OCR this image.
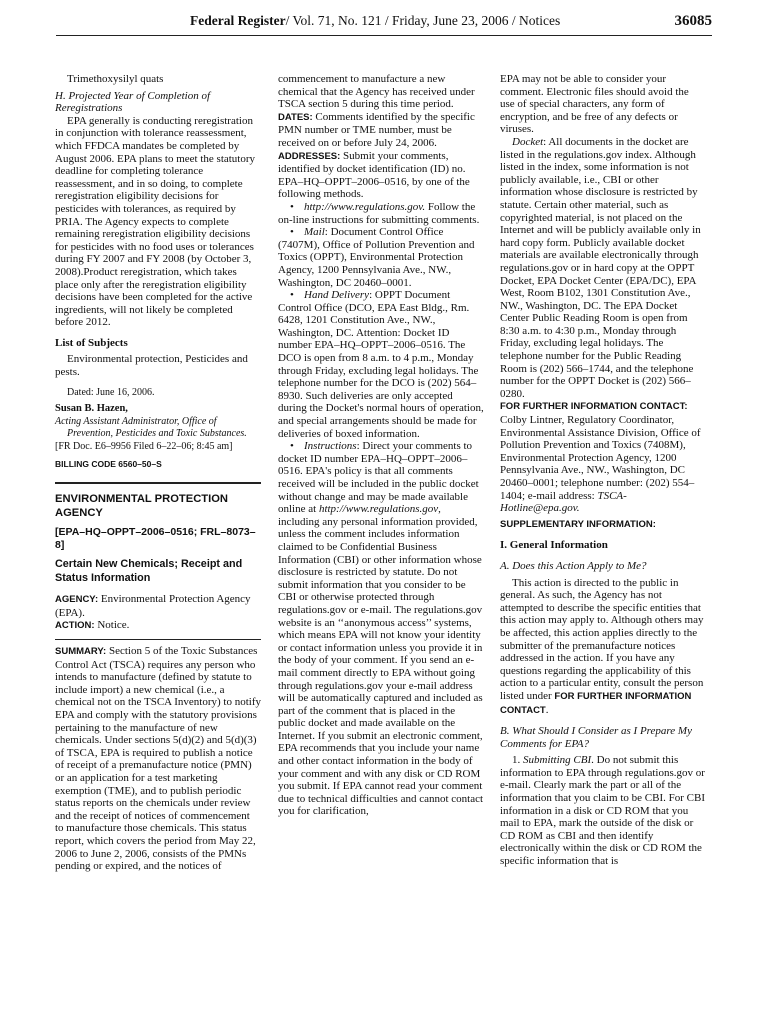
Federal Register/ Vol. 71, No. 121 / Friday, June 23, 2006 / Notices	36085

Trimethoxysilyl quats

H. Projected Year of Completion of Reregistrations

EPA generally is conducting reregistration in conjunction with tolerance reassessment, which FFDCA mandates be completed by August 2006. EPA plans to meet the statutory deadline for completing tolerance reassessment, and in so doing, to complete reregistration eligibility decisions for pesticides with tolerances, as required by PRIA. The Agency expects to complete remaining reregistration eligibility decisions for pesticides with no food uses or tolerances during FY 2007 and FY 2008 (by October 3, 2008).Product reregistration, which takes place only after the reregistration eligibility decisions have been completed for the active ingredients, will not likely be completed before 2012.

List of Subjects

Environmental protection, Pesticides and pests.

Dated: June 16, 2006.

Susan B. Hazen,

Acting Assistant Administrator, Office of Prevention, Pesticides and Toxic Substances.

[FR Doc. E6–9956 Filed 6–22–06; 8:45 am]

BILLING CODE 6560–50–S

ENVIRONMENTAL PROTECTION AGENCY

[EPA–HQ–OPPT–2006–0516; FRL–8073–8]

Certain New Chemicals; Receipt and Status Information

AGENCY: Environmental Protection Agency (EPA).

ACTION: Notice.

SUMMARY: Section 5 of the Toxic Substances Control Act (TSCA) requires any person who intends to manufacture (defined by statute to include import) a new chemical (i.e., a chemical not on the TSCA Inventory) to notify EPA and comply with the statutory provisions pertaining to the manufacture of new chemicals. Under sections 5(d)(2) and 5(d)(3) of TSCA, EPA is required to publish a notice of receipt of a premanufacture notice (PMN) or an application for a test marketing exemption (TME), and to publish periodic status reports on the chemicals under review and the receipt of notices of commencement to manufacture those chemicals. This status report, which covers the period from May 22, 2006 to June 2, 2006, consists of the PMNs pending or expired, and the notices of

commencement to manufacture a new chemical that the Agency has received under TSCA section 5 during this time period.

DATES: Comments identified by the specific PMN number or TME number, must be received on or before July 24, 2006.

ADDRESSES: Submit your comments, identified by docket identification (ID) no. EPA–HQ–OPPT–2006–0516, by one of the following methods.

• http://www.regulations.gov. Follow the on-line instructions for submitting comments.

• Mail: Document Control Office (7407M), Office of Pollution Prevention and Toxics (OPPT), Environmental Protection Agency, 1200 Pennsylvania Ave., NW., Washington, DC 20460–0001.

• Hand Delivery: OPPT Document Control Office (DCO, EPA East Bldg., Rm. 6428, 1201 Constitution Ave., NW., Washington, DC. Attention: Docket ID number EPA–HQ–OPPT–2006–0516. The DCO is open from 8 a.m. to 4 p.m., Monday through Friday, excluding legal holidays. The telephone number for the DCO is (202) 564–8930. Such deliveries are only accepted during the Docket's normal hours of operation, and special arrangements should be made for deliveries of boxed information.

• Instructions: Direct your comments to docket ID number EPA–HQ–OPPT–2006–0516. EPA's policy is that all comments received will be included in the public docket without change and may be made available online at http://www.regulations.gov, including any personal information provided, unless the comment includes information claimed to be Confidential Business Information (CBI) or other information whose disclosure is restricted by statute. Do not submit information that you consider to be CBI or otherwise protected through regulations.gov or e-mail. The regulations.gov website is an ‘‘anonymous access’’ systems, which means EPA will not know your identity or contact information unless you provide it in the body of your comment. If you send an e-mail comment directly to EPA without going through regulations.gov your e-mail address will be automatically captured and included as part of the comment that is placed in the public docket and made available on the Internet. If you submit an electronic comment, EPA recommends that you include your name and other contact information in the body of your comment and with any disk or CD ROM you submit. If EPA cannot read your comment due to technical difficulties and cannot contact you for clarification,

EPA may not be able to consider your comment. Electronic files should avoid the use of special characters, any form of encryption, and be free of any defects or viruses.

Docket: All documents in the docket are listed in the regulations.gov index. Although listed in the index, some information is not publicly available, i.e., CBI or other information whose disclosure is restricted by statute. Certain other material, such as copyrighted material, is not placed on the Internet and will be publicly available only in hard copy form. Publicly available docket materials are available electronically through regulations.gov or in hard copy at the OPPT Docket, EPA Docket Center (EPA/DC), EPA West, Room B102, 1301 Constitution Ave., NW., Washington, DC. The EPA Docket Center Public Reading Room is open from 8:30 a.m. to 4:30 p.m., Monday through Friday, excluding legal holidays. The telephone number for the Public Reading Room is (202) 566–1744, and the telephone number for the OPPT Docket is (202) 566–0280.

FOR FURTHER INFORMATION CONTACT: Colby Lintner, Regulatory Coordinator, Environmental Assistance Division, Office of Pollution Prevention and Toxics (7408M), Environmental Protection Agency, 1200 Pennsylvania Ave., NW., Washington, DC 20460–0001; telephone number: (202) 554–1404; e-mail address: TSCA-Hotline@epa.gov.

SUPPLEMENTARY INFORMATION:

I. General Information

A. Does this Action Apply to Me?

This action is directed to the public in general. As such, the Agency has not attempted to describe the specific entities that this action may apply to. Although others may be affected, this action applies directly to the submitter of the premanufacture notices addressed in the action. If you have any questions regarding the applicability of this action to a particular entity, consult the person listed under FOR FURTHER INFORMATION CONTACT.

B. What Should I Consider as I Prepare My Comments for EPA?

1. Submitting CBI. Do not submit this information to EPA through regulations.gov or e-mail. Clearly mark the part or all of the information that you claim to be CBI. For CBI information in a disk or CD ROM that you mail to EPA, mark the outside of the disk or CD ROM as CBI and then identify electronically within the disk or CD ROM the specific information that is
